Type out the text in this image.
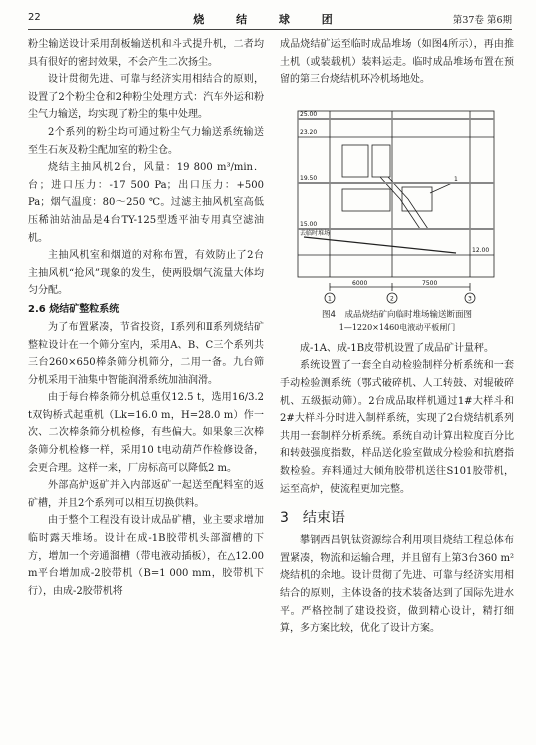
22	烧 结 球 团	第37卷 第6期

粉尘输送设计采用刮板输送机和斗式提升机，二者均具有很好的密封效果，不会产生二次扬尘。

设计贯彻先进、可靠与经济实用相结合的原则，设置了2个粉尘仓和2种粉尘处理方式：汽车外运和粉尘气力输送，均实现了粉尘的集中处理。

2个系列的粉尘均可通过粉尘气力输送系统输送至生石灰及粉尘配加室的粉尘仓。

烧结主抽风机2台，风量：19 800 m³/min．台；进口压力：-17 500 Pa；出口压力：+500 Pa；烟气温度：80～250 ℃。过滤主抽风机室高低压稀油站油品是4台TY-125型透平油专用真空滤油机。

主抽风机室和烟道的对称布置，有效防止了2台主抽风机“抢风”现象的发生，使两股烟气流量大体均匀分配。

2.6 烧结矿整粒系统

为了布置紧凑，节省投资，Ⅰ系列和Ⅱ系列烧结矿整粒设计在一个筛分室内，采用A、B、C三个系列共三台260×650棒条筛分机筛分，二用一备。九台筛分机采用干油集中智能润滑系统加油润滑。

由于每台棒条筛分机总重仅12.5 t，选用16/3.2 t双钩桥式起重机（Lk=16.0 m，H=28.0 m）作一次、二次棒条筛分机检修，有些偏大。如果象三次棒条筛分机检修一样，采用10 t电动葫芦作检修设备，会更合理。这样一来，厂房标高可以降低2 m。

外部高炉返矿并入内部返矿一起送至配料室的返矿槽，并且2个系列可以相互切换供料。

由于整个工程没有设计成品矿槽，业主要求增加临时露天堆场。设计在成-1B胶带机头部溜槽的下方，增加一个旁通溜槽（带电液动插板），在△12.00 m平台增加成-2胶带机（B=1 000 mm，胶带机下行），由成-2胶带机将

成品烧结矿运至临时成品堆场（如图4所示），再由推土机（或装载机）装料运走。临时成品堆场布置在预留的第三台烧结机环冷机场地处。

25.00
23.20
19.50
15.00
12.00
去临时堆场
1
6000	7500
1	2	3
图4　成品烧结矿向临时堆场输送断面图
1—1220×1460电液动平板闸门

成-1A、成-1B皮带机设置了成品矿计量秤。

系统设置了一套全自动检验制样分析系统和一套手动检验测系统（鄂式破碎机、人工转鼓、对辊破碎机、五级振动筛）。2台成品取样机通过1#大样斗和2#大样斗分时进入制样系统，实现了2台烧结机系列共用一套制样分析系统。系统自动计算出粒度百分比和转鼓强度指数，样品送化验室做成分检验和抗磨指数检验。弃料通过大倾角胶带机送往S101胶带机，运至高炉，使流程更加完整。

3　结束语

攀钢西昌钒钛资源综合利用项目烧结工程总体布置紧凑，物流和运输合理，并且留有上第3台360 m²烧结机的余地。设计贯彻了先进、可靠与经济实用相结合的原则，主体设备的技术装备达到了国际先进水平。严格控制了建设投资，做到精心设计，精打细算，多方案比较，优化了设计方案。
